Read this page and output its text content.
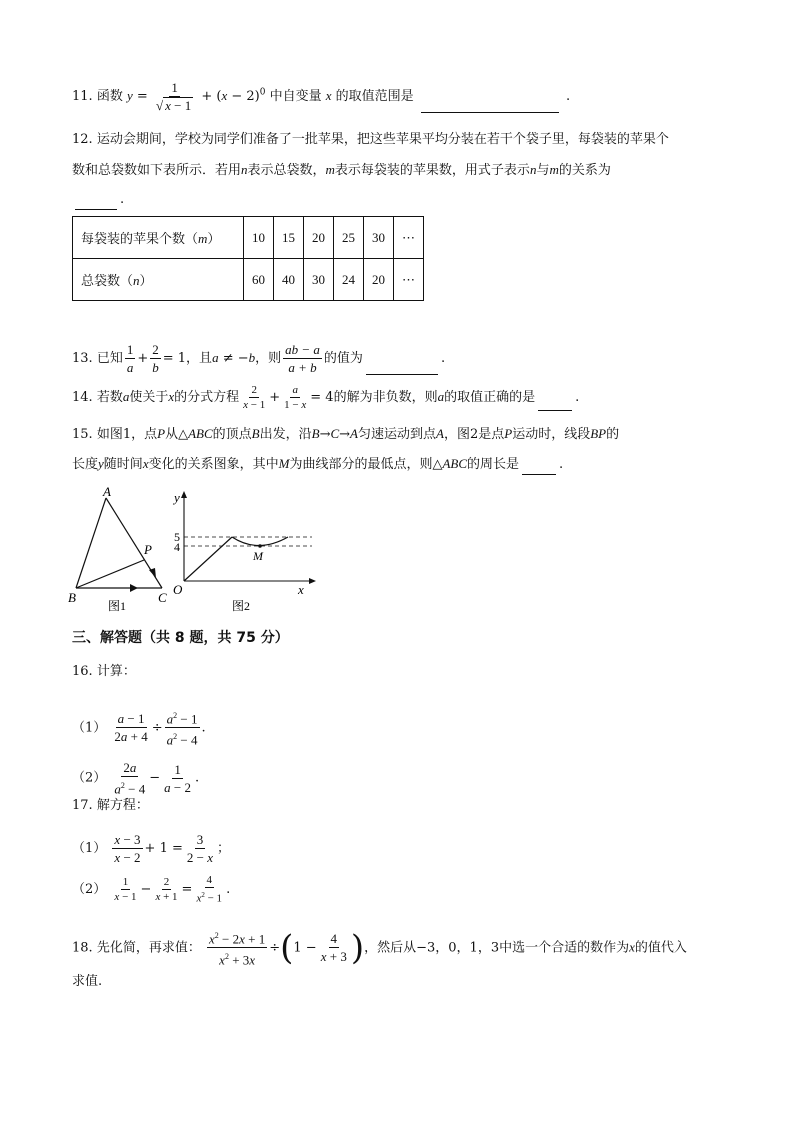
11. 函数 $y = \frac{1}{√ x - 1} + (x - 2)^0$ 中自变量 x 的取值范围是	.
12. 运动会期间，学校为同学们准备了一批苹果，把这些苹果平均分装在若干个袋子里，每袋装的苹果个
数和总袋数如下表所示．若用n表示总袋数，m表示每袋装的苹果数，用式子表示n与m的关系为
.
每袋装的苹果个数（m）	10	15	20	25	30	⋯
总袋数（n）	60	40	30	24	20	⋯
13. 已知 $\frac{1}{a} + \frac{2}{b} = 1$，且a ≠ −b，则 $\frac{ab - a}{a + b}$ 的值为	.
14. 若数a使关于x的分式方程 $\frac{2}{x - 1} + \frac{a}{1 - x} = 4$的解为非负数，则a的取值正确的是	.
15. 如图1，点P从△ABC的顶点B出发，沿B→C→A匀速运动到点A，图2是点P运动时，线段BP的
长度y随时间x变化的关系图象，其中M为曲线部分的最低点，则△ABC的周长是	.
A
B	C
P
图1
y
x
O
M
5
4
图2
三、解答题（共 8 题，共 75 分）
16. 计算：
$(1) \frac{a - 1}{2a + 4} \div \frac{a^2 - 1}{a^2 - 4}$ .
$(2) \frac{2a}{a^2 - 4} - \frac{1}{a - 2}$ .
17. 解方程：
$(1) \frac{x - 3}{x - 2} + 1 = \frac{3}{2 - x}$ ；
$(2) \frac{1}{x - 1} - \frac{2}{x + 1} = \frac{4}{x^2 - 1}$ .
18. 先化简，再求值： $\frac{x^2 - 2x + 1}{x^2 + 3x} \div(1 - \frac{4}{x + 3}$ )，然后从−3，0，1，3中选一个合适的数作为x的值代入
求值.
